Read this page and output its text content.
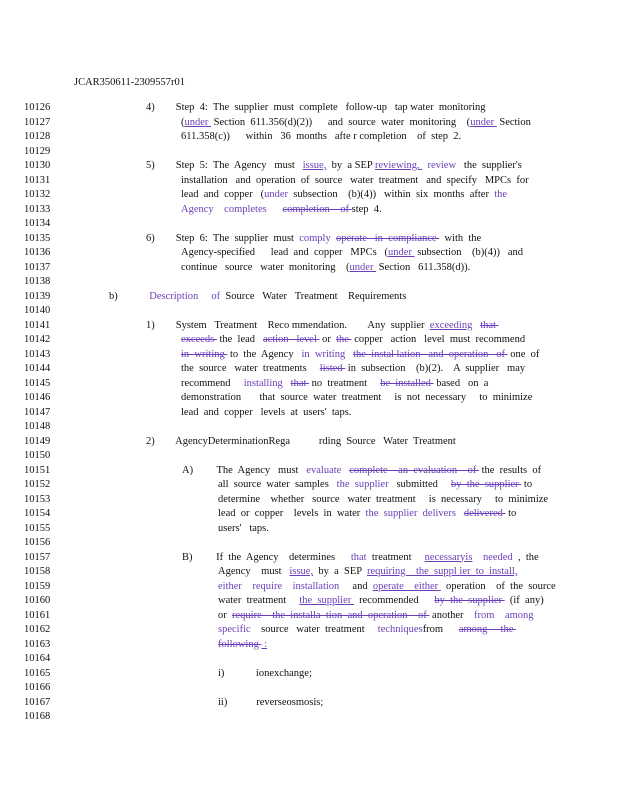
JCAR350611-2309557r01
10126	4)        Step  4:  The  supplier  must  complete   follow-up   tap water  monitoring
10127	(under  Section  611.356(d)(2))      and  source  water  monitoring    (under  Section
10128	611.358(c))      within   36  months   afte r completion    of  step  2.
10129
10130	5)        Step  5:  The  Agency   must   issue,  by  a SEP reviewing,   review   the  supplier's
10131	installation   and  operation  of  source   water  treatment   and  specify   MPCs  for
10132	lead  and  copper   (under  subsection    (b)(4))   within  six  months  after  the
10133	Agency    completes completion    of step  4.
10134
10135	6)        Step  6:  The  supplier  must  comply operate   in  compliance   with  the
10136	Agency-specified      lead  and  copper   MPCs   (under  subsection    (b)(4))   and
10137	continue   source   water  monitoring    (under  Section   611.358(d)).
10138
10139	b)            Description     of  Source   Water   Treatment    Requirements
10140
10141	1)        System   Treatment    Reco mmendation.        Any  supplier  exceeding that
10142	exceeds  the  lead   action   level  or  the  copper   action   level  must  recommend
10143	in  writing  to  the  Agency   in  writing the  instal lation   and  operation   of  one  of
10144	the  source   water  treatments     listed  in  subsection    (b)(2).    A  supplier   may
10145	recommend     installing that  no  treatment     be  installed  based   on  a
10146	demonstration       that  source  water  treatment     is  not  necessary     to  minimize
10147	lead  and  copper   levels  at  users'  taps.
10148
10149	2)        AgencyDeterminationRega           rding  Source   Water  Treatment
10150
10151	A)         The  Agency   must   evaluate complete    an  evaluation    of  the  results  of
10152	all  source  water  samples   the  supplier   submitted     by  the  supplier  to
10153	determine    whether   source   water  treatment     is  necessary     to  minimize
10154	lead  or  copper    levels  in  water  the  supplier  delivers delivered  to
10155	users'   taps.
10156
10157	B)         If  the  Agency    determines      that  treatment     necessaryis needed  ,  the
10158	Agency    must   issue,  by  a  SEP  requiring    the  suppl ier  to  install,
10159	either    require    installation     and  operate    either   operation    of  the  source
10160	water  treatment     the  supplier   recommended      by  the  supplier   (if  any)
10161	or  require    the  installa  tion  and  operation    of  another    from    among
10162	specific    source   water  treatment     techniquesfrom      among     the
10163	following  :
10164
10165	i)            ionexchange;
10166
10167	ii)           reverseosmosis;
10168
